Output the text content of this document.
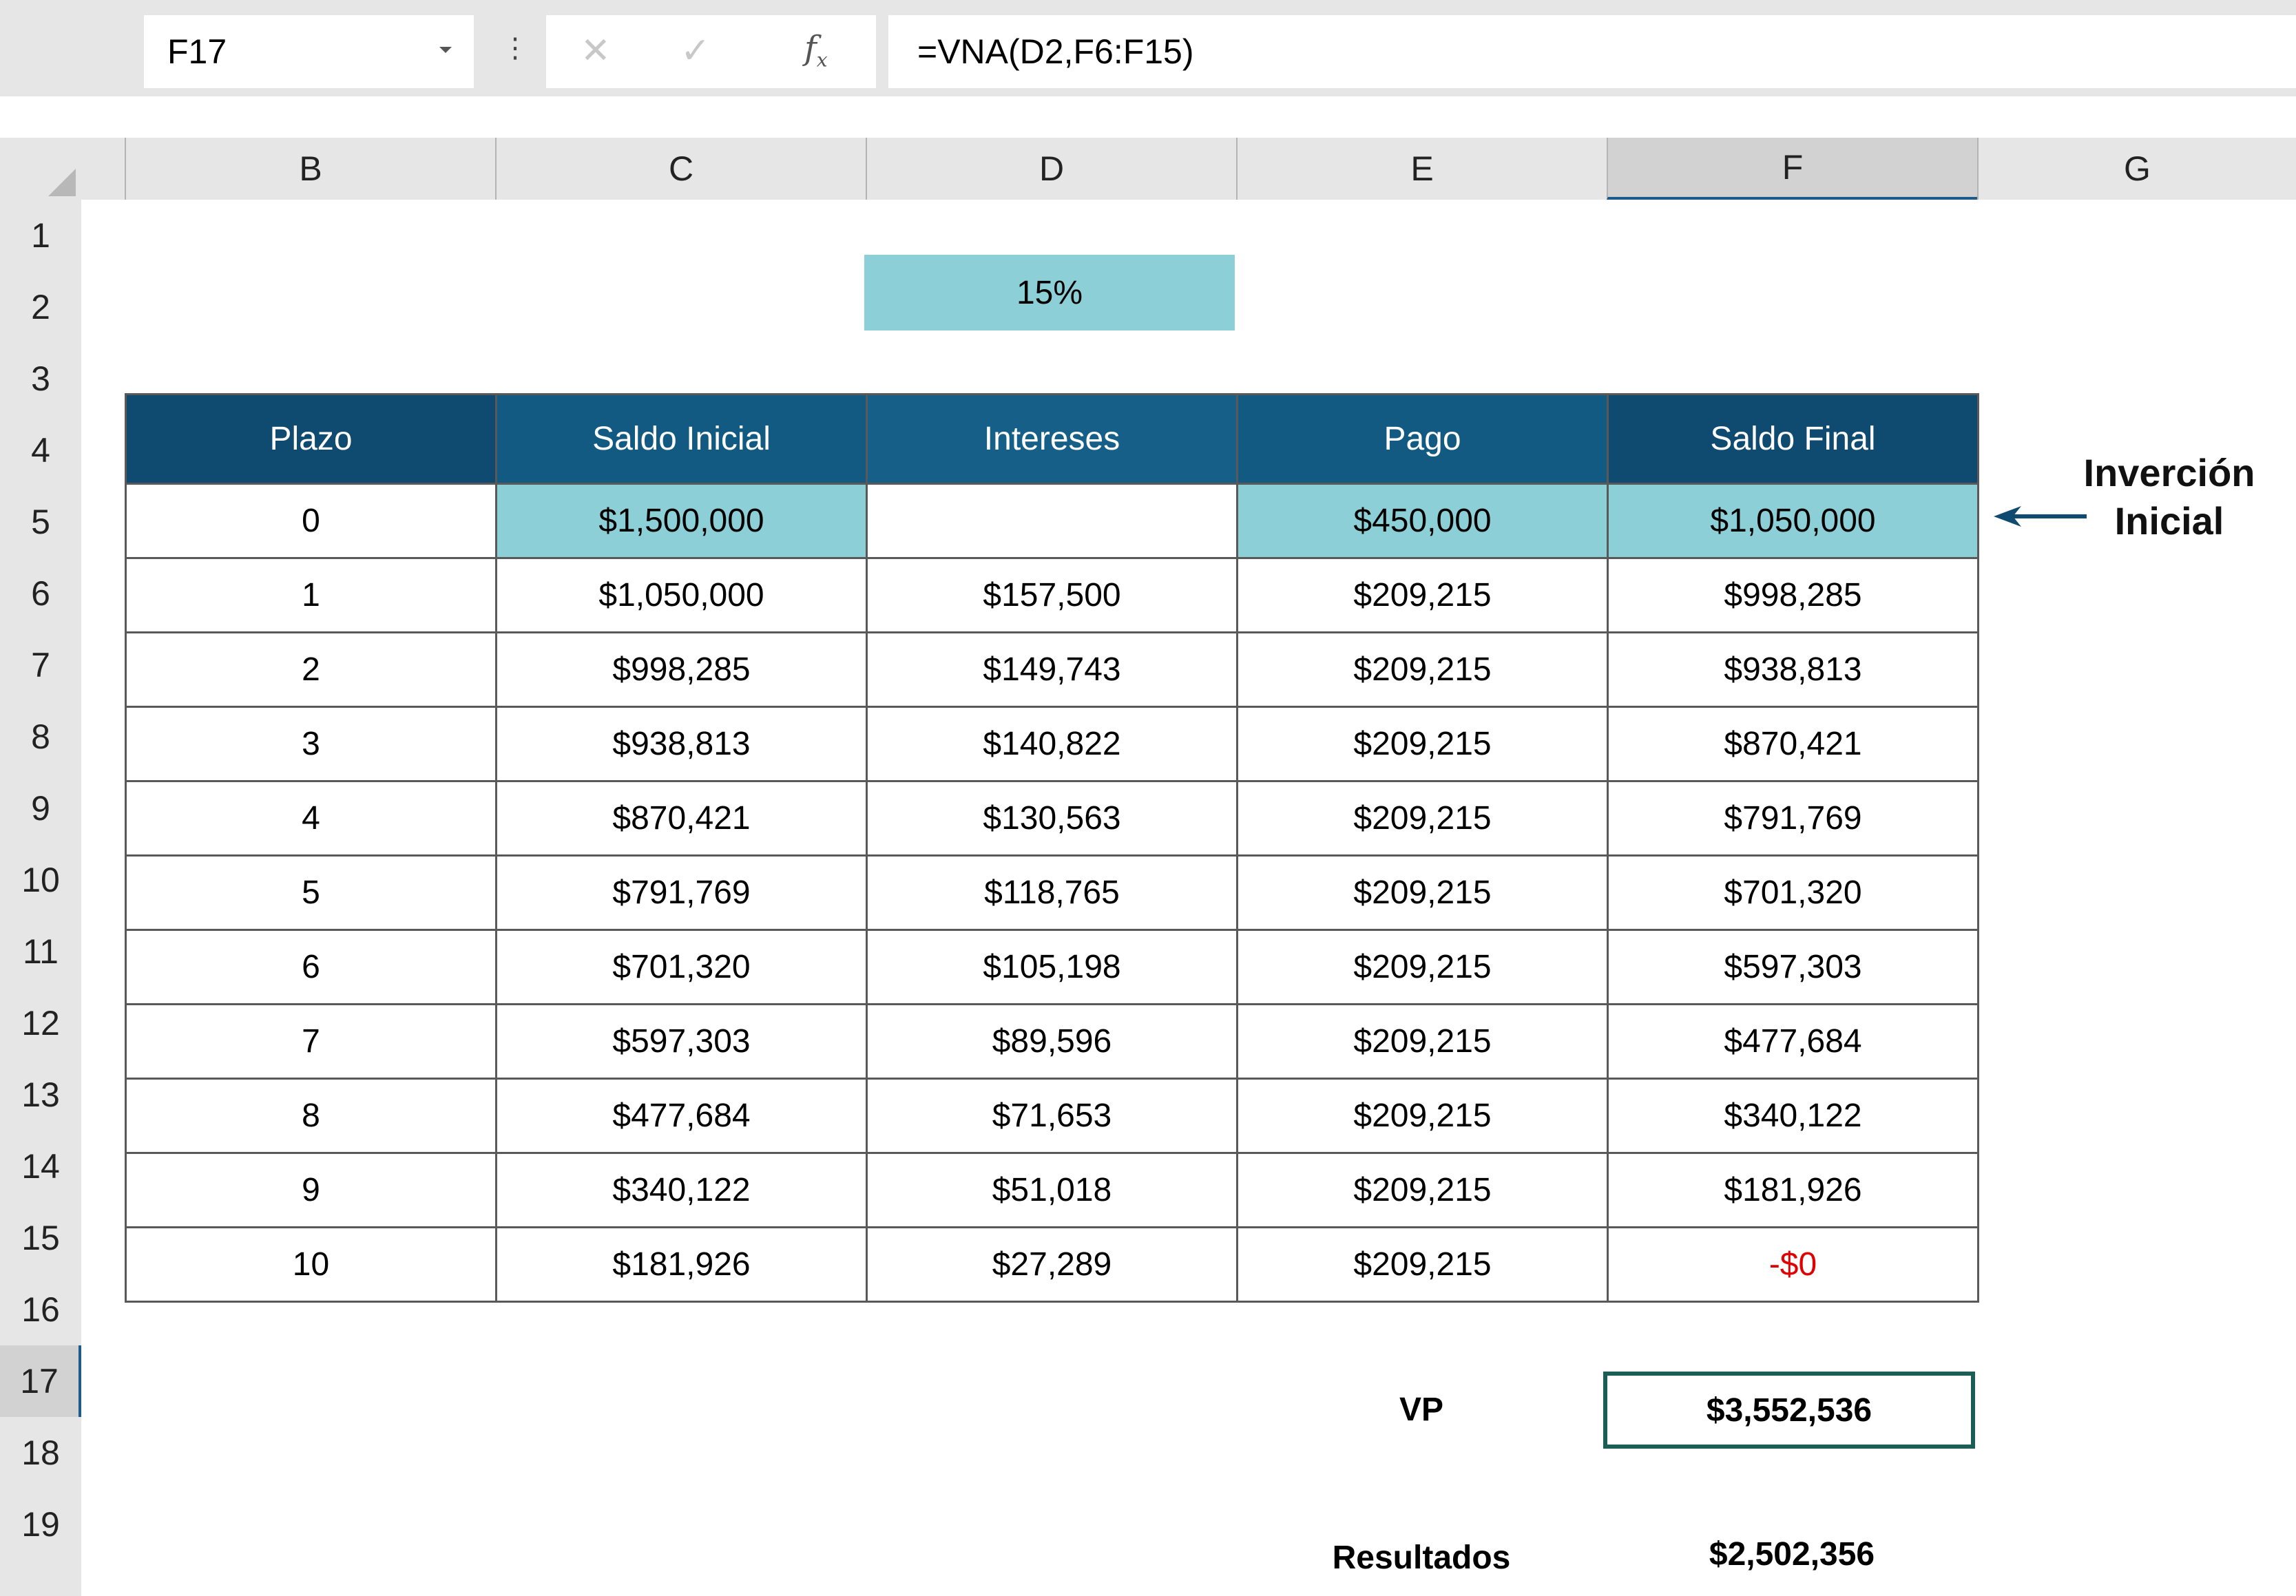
F17	⋮ ✕ ✓	$f_x$	=VNA(D2,F6:F15)
B	C	D	E	F	G
1
2
3
4
5
6
7
8
9
10
11
12
13
14
15
16
17
18
19
15%
Plazo	Saldo Inicial	Intereses	Pago	Saldo Final
0	$1,500,000		$450,000	$1,050,000
1	$1,050,000	$157,500	$209,215	$998,285
2	$998,285	$149,743	$209,215	$938,813
3	$938,813	$140,822	$209,215	$870,421
4	$870,421	$130,563	$209,215	$791,769
5	$791,769	$118,765	$209,215	$701,320
6	$701,320	$105,198	$209,215	$597,303
7	$597,303	$89,596	$209,215	$477,684
8	$477,684	$71,653	$209,215	$340,122
9	$340,122	$51,018	$209,215	$181,926
10	$181,926	$27,289	$209,215	-$0
Inverción
Inicial
VP	$3,552,536
Resultados	$2,502,356
